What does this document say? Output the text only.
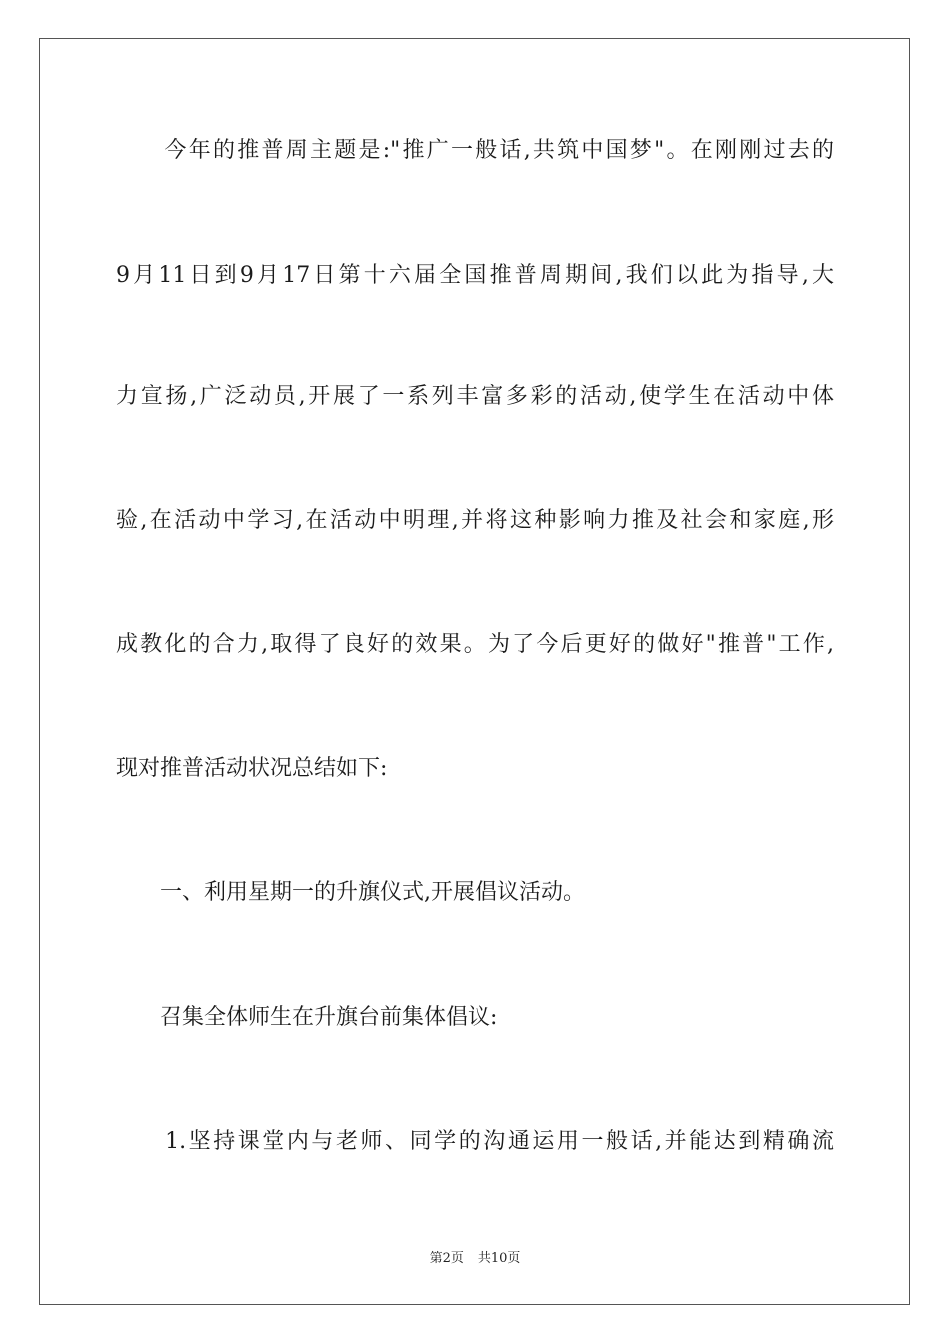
　　今年的推普周主题是:"推广一般话,共筑中国梦"。在刚刚过去的
9月11日到9月17日第十六届全国推普周期间,我们以此为指导,大
力宣扬,广泛动员,开展了一系列丰富多彩的活动,使学生在活动中体
验,在活动中学习,在活动中明理,并将这种影响力推及社会和家庭,形
成教化的合力,取得了良好的效果。为了今后更好的做好"推普"工作,
现对推普活动状况总结如下:
　　一、利用星期一的升旗仪式,开展倡议活动。
　　召集全体师生在升旗台前集体倡议:
　　1.坚持课堂内与老师、同学的沟通运用一般话,并能达到精确流
第2页 共10页
